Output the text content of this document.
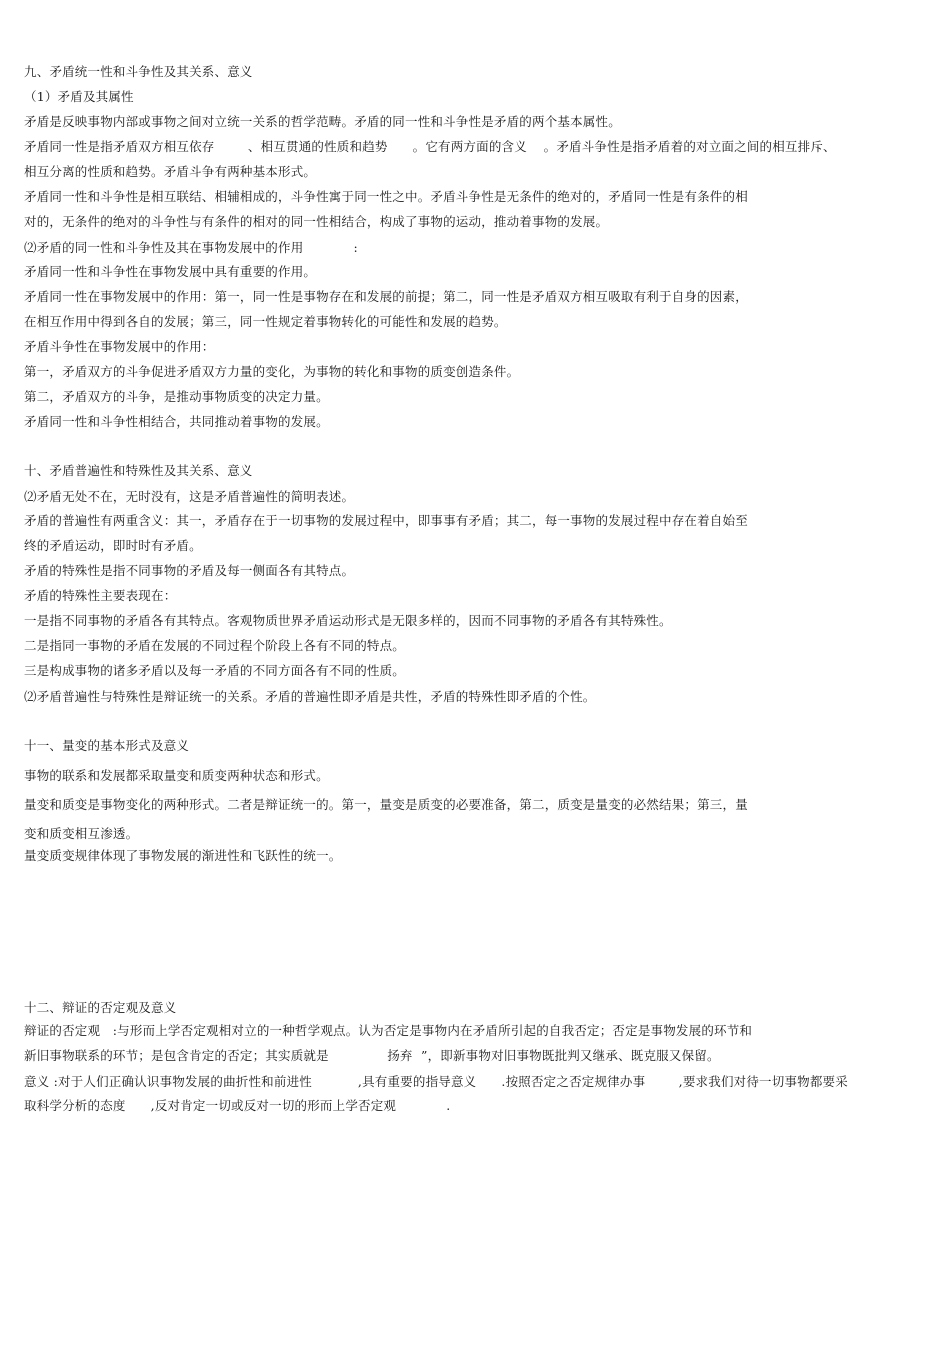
九、矛盾统一性和斗争性及其关系、意义
（1）矛盾及其属性
矛盾是反映事物内部或事物之间对立统一关系的哲学范畴。矛盾的同一性和斗争性是矛盾的两个基本属性。
矛盾同一性是指矛盾双方相互依存        、相互贯通的性质和趋势      。它有两方面的含义    。矛盾斗争性是指矛盾着的对立面之间的相互排斥、
相互分离的性质和趋势。矛盾斗争有两种基本形式。
矛盾同一性和斗争性是相互联结、相辅相成的，斗争性寓于同一性之中。矛盾斗争性是无条件的绝对的，矛盾同一性是有条件的相
对的，无条件的绝对的斗争性与有条件的相对的同一性相结合，构成了事物的运动，推动着事物的发展。
⑵矛盾的同一性和斗争性及其在事物发展中的作用            :
矛盾同一性和斗争性在事物发展中具有重要的作用。
矛盾同一性在事物发展中的作用：第一，同一性是事物存在和发展的前提；第二，同一性是矛盾双方相互吸取有利于自身的因素，
在相互作用中得到各自的发展；第三，同一性规定着事物转化的可能性和发展的趋势。
矛盾斗争性在事物发展中的作用：
第一，矛盾双方的斗争促进矛盾双方力量的变化，为事物的转化和事物的质变创造条件。
第二，矛盾双方的斗争，是推动事物质变的决定力量。
矛盾同一性和斗争性相结合，共同推动着事物的发展。
十、矛盾普遍性和特殊性及其关系、意义
⑵矛盾无处不在，无时没有，这是矛盾普遍性的简明表述。
矛盾的普遍性有两重含义：其一，矛盾存在于一切事物的发展过程中，即事事有矛盾；其二，每一事物的发展过程中存在着自始至
终的矛盾运动，即时时有矛盾。
矛盾的特殊性是指不同事物的矛盾及每一侧面各有其特点。
矛盾的特殊性主要表现在：
一是指不同事物的矛盾各有其特点。客观物质世界矛盾运动形式是无限多样的，因而不同事物的矛盾各有其特殊性。
二是指同一事物的矛盾在发展的不同过程个阶段上各有不同的特点。
三是构成事物的诸多矛盾以及每一矛盾的不同方面各有不同的性质。
⑵矛盾普遍性与特殊性是辩证统一的关系。矛盾的普遍性即矛盾是共性，矛盾的特殊性即矛盾的个性。
十一、量变的基本形式及意义
事物的联系和发展都采取量变和质变两种状态和形式。
量变和质变是事物变化的两种形式。二者是辩证统一的。第一，量变是质变的必要准备，第二，质变是量变的必然结果；第三，量
变和质变相互渗透。
量变质变规律体现了事物发展的渐进性和飞跃性的统一。
十二、辩证的否定观及意义
辩证的否定观   :与形而上学否定观相对立的一种哲学观点。认为否定是事物内在矛盾所引起的自我否定；否定是事物发展的环节和
新旧事物联系的环节；是包含肯定的否定；其实质就是              扬弃  ”，即新事物对旧事物既批判又继承、既克服又保留。
意义 :对于人们正确认识事物发展的曲折性和前进性           ,具有重要的指导意义      .按照否定之否定规律办事        ,要求我们对待一切事物都要采
取科学分析的态度      ,反对肯定一切或反对一切的形而上学否定观            .
